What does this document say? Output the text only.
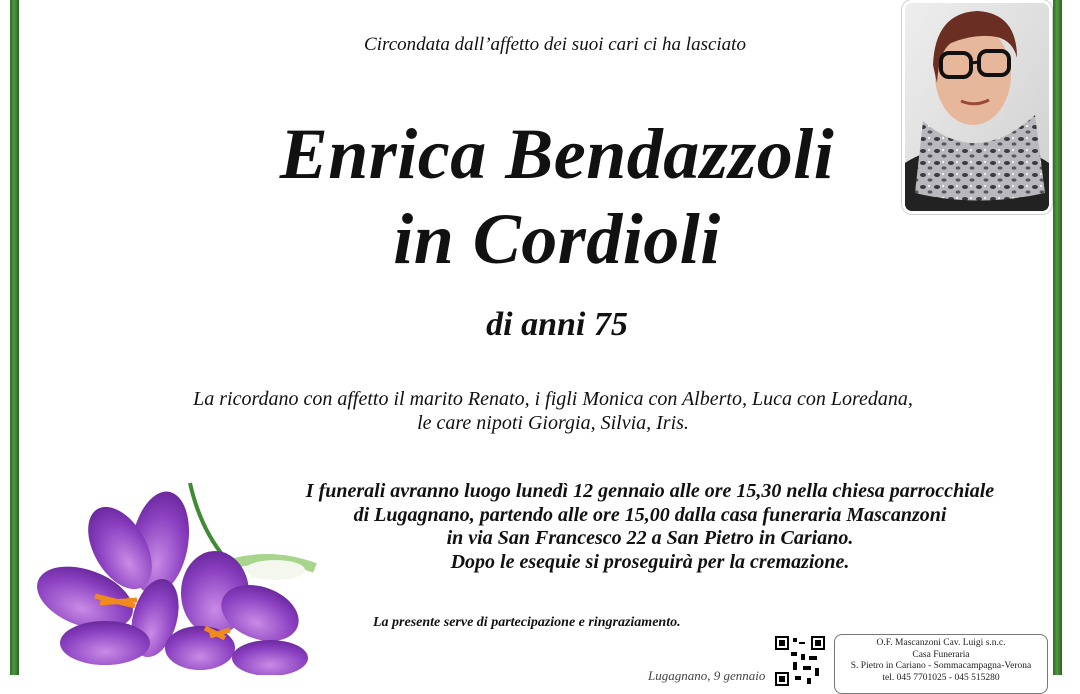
Circondata dall’affetto dei suoi cari ci ha lasciato
Enrica Bendazzoli
in Cordioli
di anni 75
La ricordano con affetto il marito Renato, i figli Monica con Alberto, Luca con Loredana,
le care nipoti Giorgia, Silvia, Iris.
I funerali avranno luogo lunedì 12 gennaio alle ore 15,30 nella chiesa parrocchiale
di Lugagnano, partendo alle ore 15,00 dalla casa funeraria Mascanzoni
in via San Francesco 22 a San Pietro in Cariano.
Dopo le esequie si proseguirà per la cremazione.
La presente serve di partecipazione e ringraziamento.
Lugagnano, 9 gennaio
O.F. Mascanzoni Cav. Luigi s.n.c.
Casa Funeraria
S. Pietro in Cariano - Sommacampagna-Verona
tel. 045 7701025 - 045 515280
